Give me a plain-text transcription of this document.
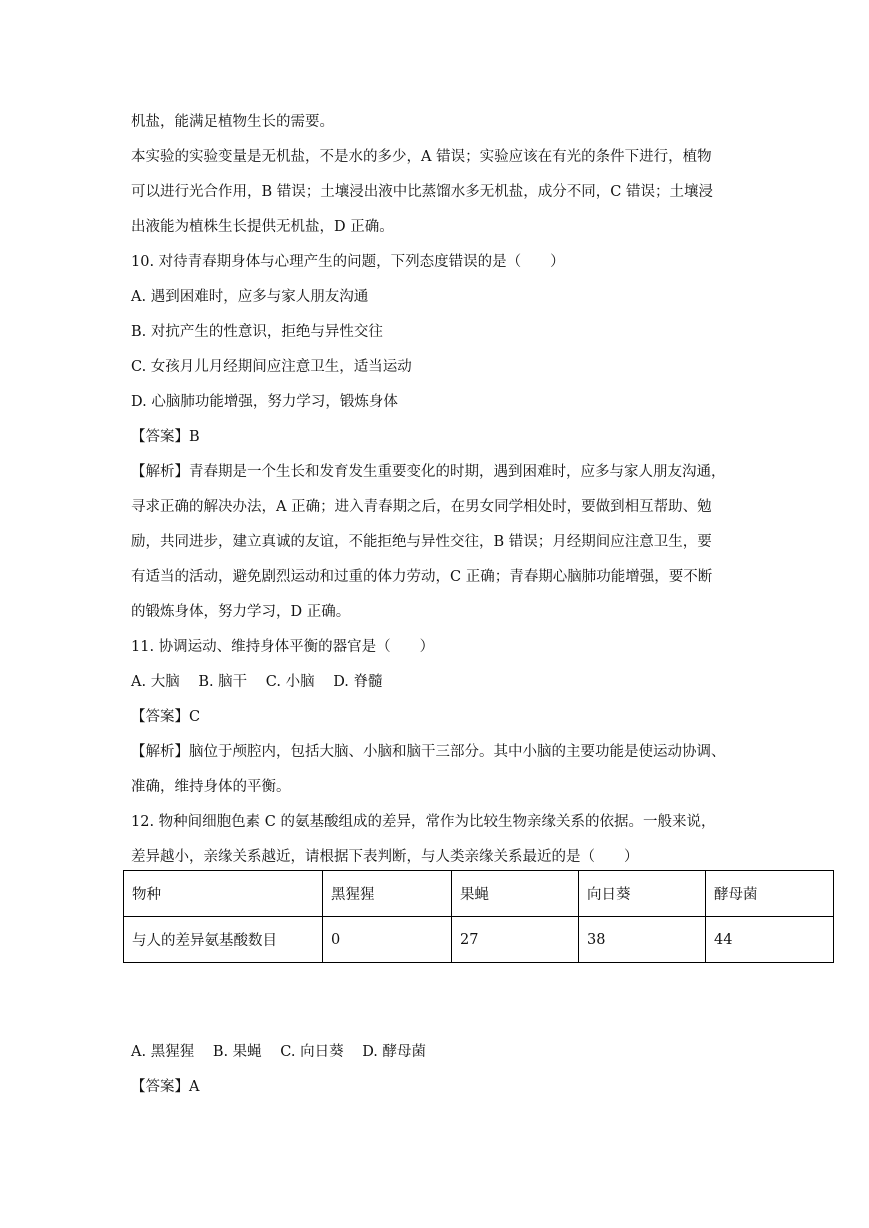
机盐，能满足植物生长的需要。
本实验的实验变量是无机盐，不是水的多少，A 错误；实验应该在有光的条件下进行，植物
可以进行光合作用，B 错误；土壤浸出液中比蒸馏水多无机盐，成分不同，C 错误；土壤浸
出液能为植株生长提供无机盐，D 正确。
10. 对待青春期身体与心理产生的问题，下列态度错误的是（　　）
A. 遇到困难时，应多与家人朋友沟通
B. 对抗产生的性意识，拒绝与异性交往
C. 女孩月儿月经期间应注意卫生，适当运动
D. 心脑肺功能增强，努力学习，锻炼身体
【答案】B
【解析】青春期是一个生长和发育发生重要变化的时期，遇到困难时，应多与家人朋友沟通，
寻求正确的解决办法，A 正确；进入青春期之后，在男女同学相处时，要做到相互帮助、勉
励，共同进步，建立真诚的友谊，不能拒绝与异性交往，B 错误；月经期间应注意卫生，要
有适当的活动，避免剧烈运动和过重的体力劳动，C 正确；青春期心脑肺功能增强，要不断
的锻炼身体，努力学习，D 正确。
11. 协调运动、维持身体平衡的器官是（　　）
A. 大脑 B. 脑干 C. 小脑 D. 脊髓
【答案】C
【解析】脑位于颅腔内，包括大脑、小脑和脑干三部分。其中小脑的主要功能是使运动协调、
准确，维持身体的平衡。
12. 物种间细胞色素 C 的氨基酸组成的差异，常作为比较生物亲缘关系的依据。一般来说，
差异越小，亲缘关系越近，请根据下表判断，与人类亲缘关系最近的是（　　）
物种	黑猩猩	果蝇	向日葵	酵母菌
与人的差异氨基酸数目	0	27	38	44
A. 黑猩猩 B. 果蝇 C. 向日葵 D. 酵母菌
【答案】A
